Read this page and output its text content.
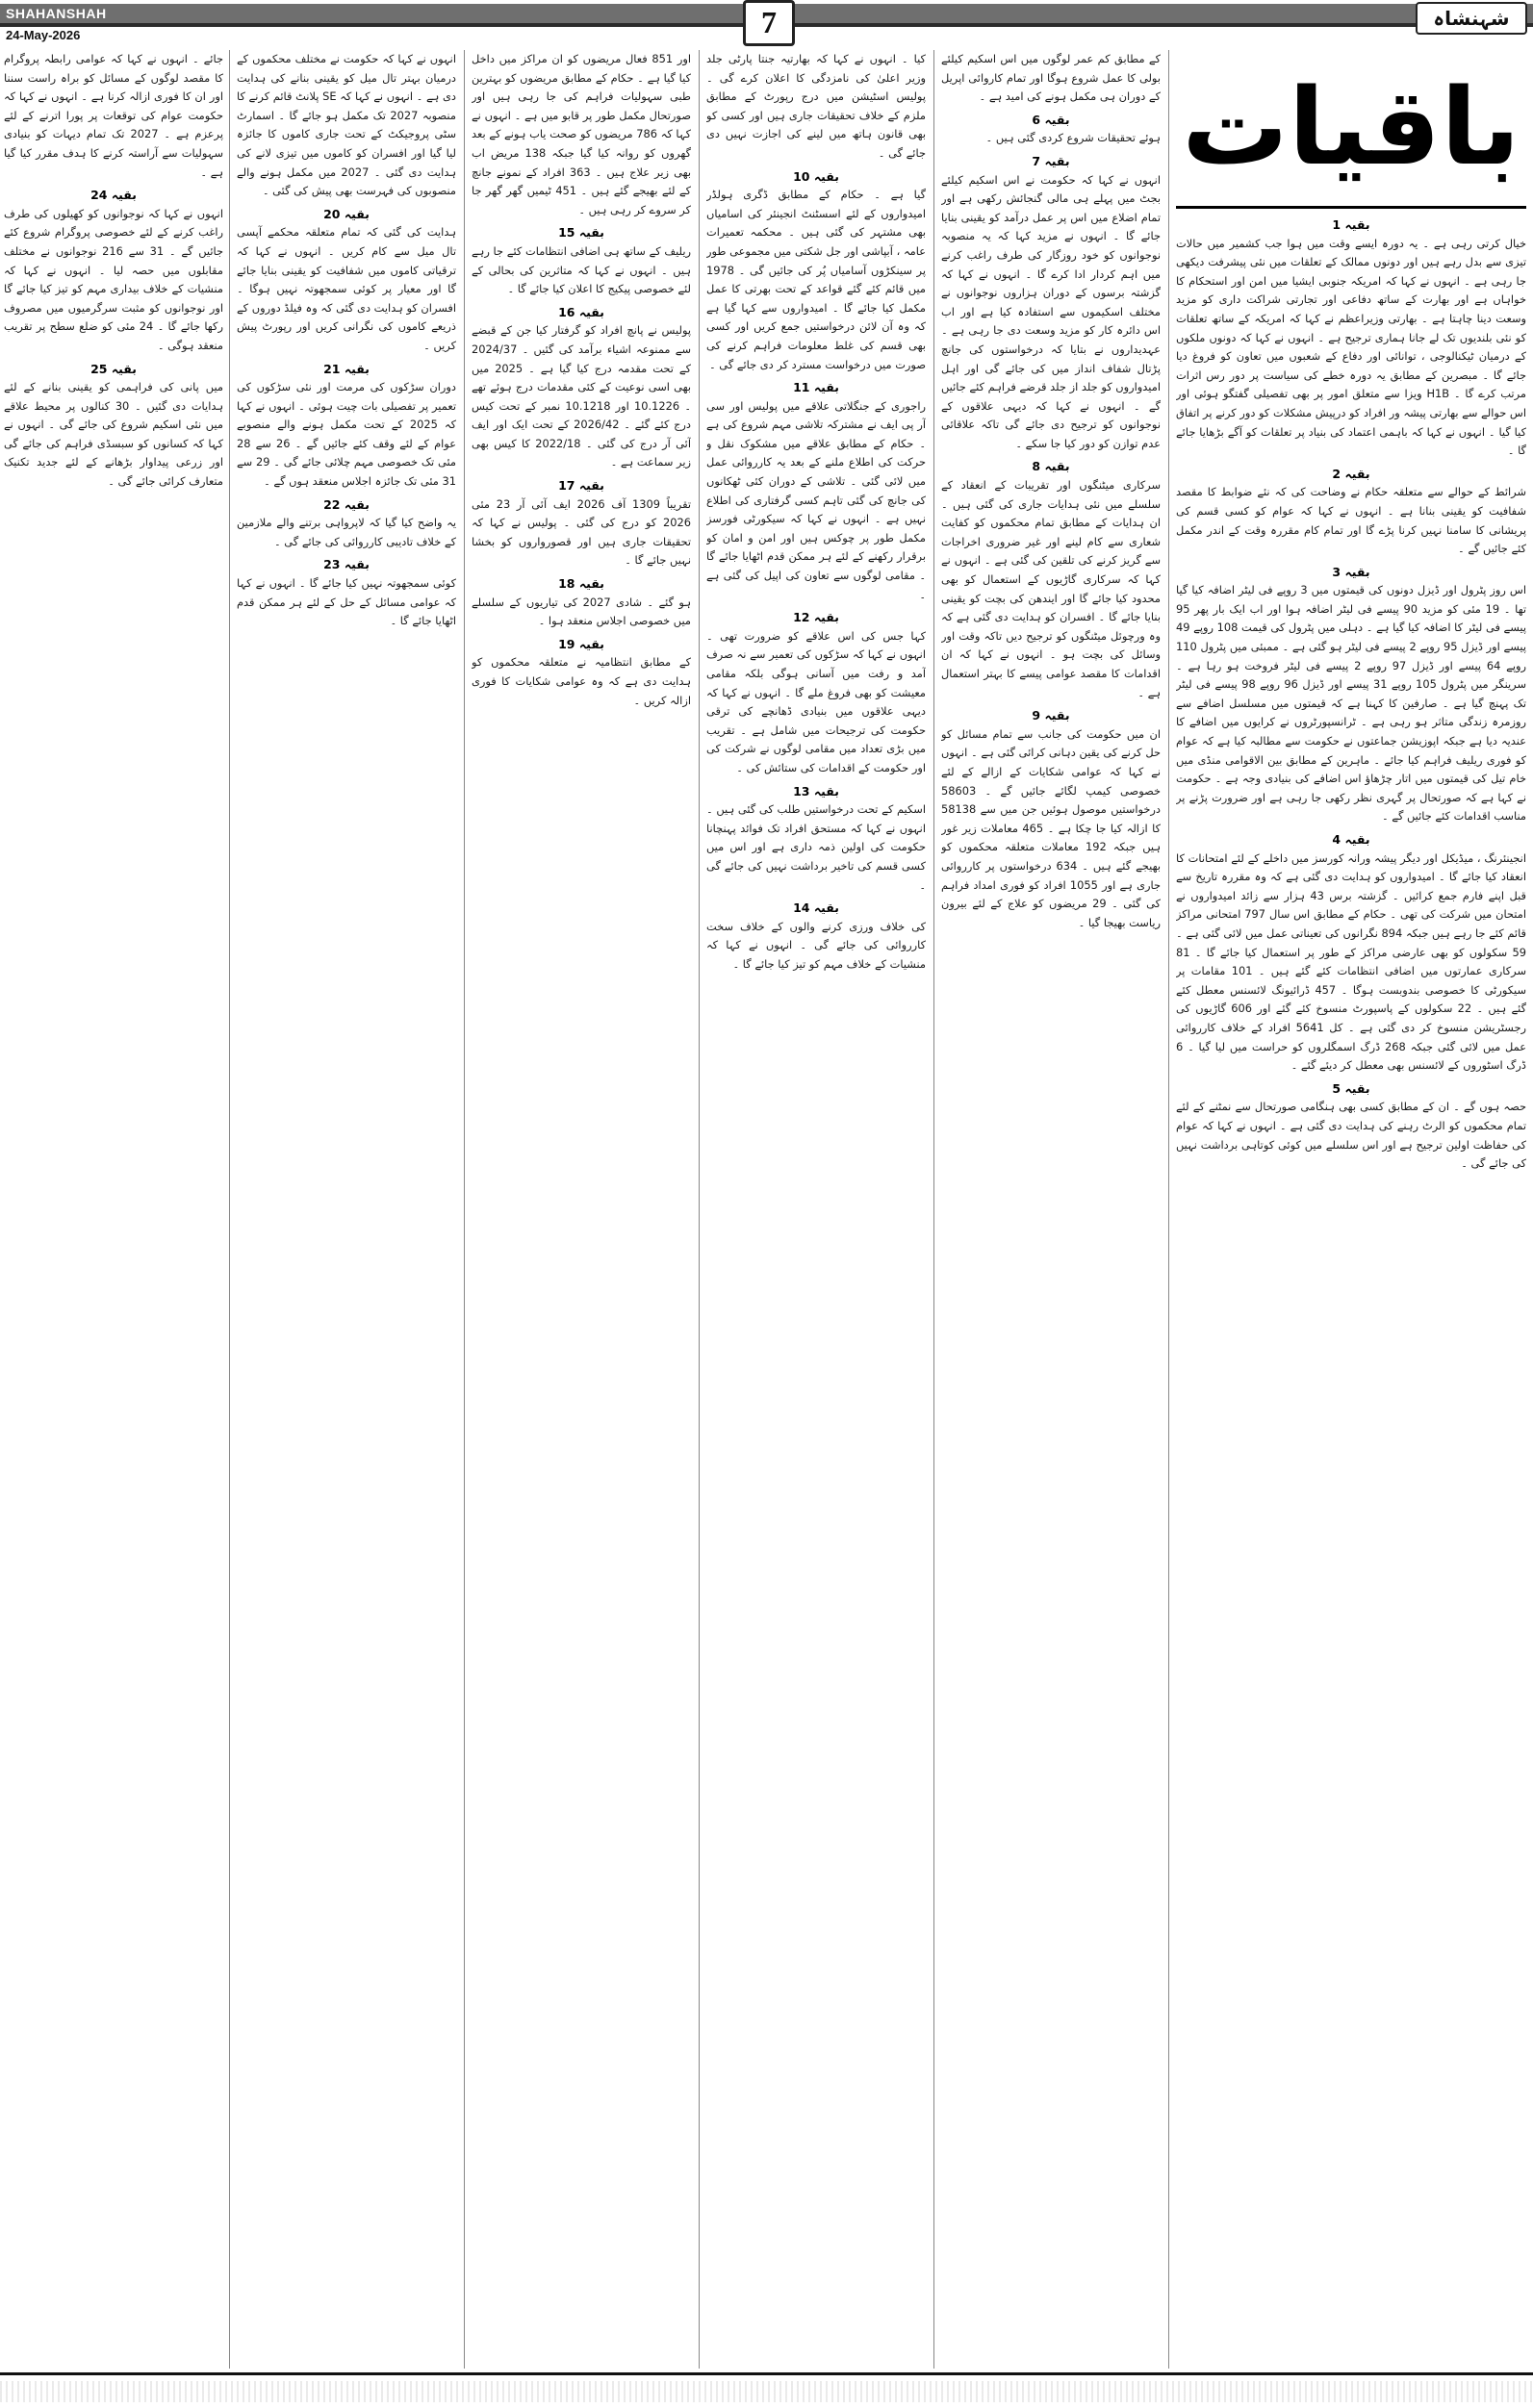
SHAHANSHAH
24-May-2026	7	شہنشاہ
باقیات
بقیہ 1
خیال کرتی رہی ہے ۔ یہ دورہ ایسے وقت میں ہوا جب کشمیر میں حالات تیزی سے بدل رہے ہیں اور دونوں ممالک کے تعلقات میں نئی پیشرفت دیکھی جا رہی ہے ۔ انہوں نے کہا کہ امریکہ جنوبی ایشیا میں امن اور استحکام کا خواہاں ہے اور بھارت کے ساتھ دفاعی اور تجارتی شراکت داری کو مزید وسعت دینا چاہتا ہے ۔ بھارتی وزیراعظم نے کہا کہ امریکہ کے ساتھ تعلقات کو نئی بلندیوں تک لے جانا ہماری ترجیح ہے ۔ انہوں نے کہا کہ دونوں ملکوں کے درمیان ٹیکنالوجی ، توانائی اور دفاع کے شعبوں میں تعاون کو فروغ دیا جائے گا ۔ مبصرین کے مطابق یہ دورہ خطے کی سیاست پر دور رس اثرات مرتب کرے گا ۔ H1B ویزا سے متعلق امور پر بھی تفصیلی گفتگو ہوئی اور اس حوالے سے بھارتی پیشہ ور افراد کو درپیش مشکلات کو دور کرنے پر اتفاق کیا گیا ۔ انہوں نے کہا کہ باہمی اعتماد کی بنیاد پر تعلقات کو آگے بڑھایا جائے گا ۔
بقیہ 2
شرائط کے حوالے سے متعلقہ حکام نے وضاحت کی کہ نئے ضوابط کا مقصد شفافیت کو یقینی بنانا ہے ۔ انہوں نے کہا کہ عوام کو کسی قسم کی پریشانی کا سامنا نہیں کرنا پڑے گا اور تمام کام مقررہ وقت کے اندر مکمل کئے جائیں گے ۔
بقیہ 3
اس روز پٹرول اور ڈیزل دونوں کی قیمتوں میں 3 روپے فی لیٹر اضافہ کیا گیا تھا ۔ 19 مئی کو مزید 90 پیسے فی لیٹر اضافہ ہوا اور اب ایک بار پھر 95 پیسے فی لیٹر کا اضافہ کیا گیا ہے ۔ دہلی میں پٹرول کی قیمت 108 روپے 49 پیسے اور ڈیزل 95 روپے 2 پیسے فی لیٹر ہو گئی ہے ۔ ممبئی میں پٹرول 110 روپے 64 پیسے اور ڈیزل 97 روپے 2 پیسے فی لیٹر فروخت ہو رہا ہے ۔ سرینگر میں پٹرول 105 روپے 31 پیسے اور ڈیزل 96 روپے 98 پیسے فی لیٹر تک پہنچ گیا ہے ۔ صارفین کا کہنا ہے کہ قیمتوں میں مسلسل اضافے سے روزمرہ زندگی متاثر ہو رہی ہے ۔ ٹرانسپورٹروں نے کرایوں میں اضافے کا عندیہ دیا ہے جبکہ اپوزیشن جماعتوں نے حکومت سے مطالبہ کیا ہے کہ عوام کو فوری ریلیف فراہم کیا جائے ۔ ماہرین کے مطابق بین الاقوامی منڈی میں خام تیل کی قیمتوں میں اتار چڑھاؤ اس اضافے کی بنیادی وجہ ہے ۔ حکومت نے کہا ہے کہ صورتحال پر گہری نظر رکھی جا رہی ہے اور ضرورت پڑنے پر مناسب اقدامات کئے جائیں گے ۔
بقیہ 4
انجینئرنگ ، میڈیکل اور دیگر پیشہ ورانہ کورسز میں داخلے کے لئے امتحانات کا انعقاد کیا جائے گا ۔ امیدواروں کو ہدایت دی گئی ہے کہ وہ مقررہ تاریخ سے قبل اپنے فارم جمع کرائیں ۔ گزشتہ برس 43 ہزار سے زائد امیدواروں نے امتحان میں شرکت کی تھی ۔ حکام کے مطابق اس سال 797 امتحانی مراکز قائم کئے جا رہے ہیں جبکہ 894 نگرانوں کی تعیناتی عمل میں لائی گئی ہے ۔ 59 سکولوں کو بھی عارضی مراکز کے طور پر استعمال کیا جائے گا ۔ 81 سرکاری عمارتوں میں اضافی انتظامات کئے گئے ہیں ۔ 101 مقامات پر سیکورٹی کا خصوصی بندوبست ہوگا ۔ 457 ڈرائیونگ لائسنس معطل کئے گئے ہیں ۔ 22 سکولوں کے پاسپورٹ منسوخ کئے گئے اور 606 گاڑیوں کی رجسٹریشن منسوخ کر دی گئی ہے ۔ کل 5641 افراد کے خلاف کارروائی عمل میں لائی گئی جبکہ 268 ڈرگ اسمگلروں کو حراست میں لیا گیا ۔ 6 ڈرگ اسٹوروں کے لائسنس بھی معطل کر دیئے گئے ۔
بقیہ 5
حصہ ہوں گے ۔ ان کے مطابق کسی بھی ہنگامی صورتحال سے نمٹنے کے لئے تمام محکموں کو الرٹ رہنے کی ہدایت دی گئی ہے ۔ انہوں نے کہا کہ عوام کی حفاظت اولین ترجیح ہے اور اس سلسلے میں کوئی کوتاہی برداشت نہیں کی جائے گی ۔
کے مطابق کم عمر لوگوں میں اس اسکیم کیلئے بولی کا عمل شروع ہوگا اور تمام کاروائی اپریل کے دوران ہی مکمل ہونے کی امید ہے ۔
بقیہ 6
ہوئے تحقیقات شروع کردی گئی ہیں ۔
بقیہ 7
انہوں نے کہا کہ حکومت نے اس اسکیم کیلئے بجٹ میں پہلے ہی مالی گنجائش رکھی ہے اور تمام اضلاع میں اس پر عمل درآمد کو یقینی بنایا جائے گا ۔ انہوں نے مزید کہا کہ یہ منصوبہ نوجوانوں کو خود روزگار کی طرف راغب کرنے میں اہم کردار ادا کرے گا ۔ انہوں نے کہا کہ گزشتہ برسوں کے دوران ہزاروں نوجوانوں نے مختلف اسکیموں سے استفادہ کیا ہے اور اب اس دائرہ کار کو مزید وسعت دی جا رہی ہے ۔ عہدیداروں نے بتایا کہ درخواستوں کی جانچ پڑتال شفاف انداز میں کی جائے گی اور اہل امیدواروں کو جلد از جلد قرضے فراہم کئے جائیں گے ۔ انہوں نے کہا کہ دیہی علاقوں کے نوجوانوں کو ترجیح دی جائے گی تاکہ علاقائی عدم توازن کو دور کیا جا سکے ۔
بقیہ 8
سرکاری میٹنگوں اور تقریبات کے انعقاد کے سلسلے میں نئی ہدایات جاری کی گئی ہیں ۔ ان ہدایات کے مطابق تمام محکموں کو کفایت شعاری سے کام لینے اور غیر ضروری اخراجات سے گریز کرنے کی تلقین کی گئی ہے ۔ انہوں نے کہا کہ سرکاری گاڑیوں کے استعمال کو بھی محدود کیا جائے گا اور ایندھن کی بچت کو یقینی بنایا جائے گا ۔ افسران کو ہدایت دی گئی ہے کہ وہ ورچوئل میٹنگوں کو ترجیح دیں تاکہ وقت اور وسائل کی بچت ہو ۔ انہوں نے کہا کہ ان اقدامات کا مقصد عوامی پیسے کا بہتر استعمال ہے ۔
بقیہ 9
ان میں حکومت کی جانب سے تمام مسائل کو حل کرنے کی یقین دہانی کرائی گئی ہے ۔ انہوں نے کہا کہ عوامی شکایات کے ازالے کے لئے خصوصی کیمپ لگائے جائیں گے ۔ 58603 درخواستیں موصول ہوئیں جن میں سے 58138 کا ازالہ کیا جا چکا ہے ۔ 465 معاملات زیر غور ہیں جبکہ 192 معاملات متعلقہ محکموں کو بھیجے گئے ہیں ۔ 634 درخواستوں پر کارروائی جاری ہے اور 1055 افراد کو فوری امداد فراہم کی گئی ۔ 29 مریضوں کو علاج کے لئے بیرون ریاست بھیجا گیا ۔
کیا ۔ انہوں نے کہا کہ بھارتیہ جنتا پارٹی جلد وزیر اعلیٰ کی نامزدگی کا اعلان کرے گی ۔ پولیس اسٹیشن میں درج رپورٹ کے مطابق ملزم کے خلاف تحقیقات جاری ہیں اور کسی کو بھی قانون ہاتھ میں لینے کی اجازت نہیں دی جائے گی ۔
بقیہ 10
گیا ہے ۔ حکام کے مطابق ڈگری ہولڈر امیدواروں کے لئے اسسٹنٹ انجینئر کی اسامیاں بھی مشتہر کی گئی ہیں ۔ محکمہ تعمیرات عامہ ، آبپاشی اور جل شکتی میں مجموعی طور پر سینکڑوں آسامیاں پُر کی جائیں گی ۔ 1978 میں قائم کئے گئے قواعد کے تحت بھرتی کا عمل مکمل کیا جائے گا ۔ امیدواروں سے کہا گیا ہے کہ وہ آن لائن درخواستیں جمع کریں اور کسی بھی قسم کی غلط معلومات فراہم کرنے کی صورت میں درخواست مسترد کر دی جائے گی ۔
بقیہ 11
راجوری کے جنگلاتی علاقے میں پولیس اور سی آر پی ایف نے مشترکہ تلاشی مہم شروع کی ہے ۔ حکام کے مطابق علاقے میں مشکوک نقل و حرکت کی اطلاع ملنے کے بعد یہ کارروائی عمل میں لائی گئی ۔ تلاشی کے دوران کئی ٹھکانوں کی جانچ کی گئی تاہم کسی گرفتاری کی اطلاع نہیں ہے ۔ انہوں نے کہا کہ سیکورٹی فورسز مکمل طور پر چوکس ہیں اور امن و امان کو برقرار رکھنے کے لئے ہر ممکن قدم اٹھایا جائے گا ۔ مقامی لوگوں سے تعاون کی اپیل کی گئی ہے ۔
بقیہ 12
کہا جس کی اس علاقے کو ضرورت تھی ۔ انہوں نے کہا کہ سڑکوں کی تعمیر سے نہ صرف آمد و رفت میں آسانی ہوگی بلکہ مقامی معیشت کو بھی فروغ ملے گا ۔ انہوں نے کہا کہ دیہی علاقوں میں بنیادی ڈھانچے کی ترقی حکومت کی ترجیحات میں شامل ہے ۔ تقریب میں بڑی تعداد میں مقامی لوگوں نے شرکت کی اور حکومت کے اقدامات کی ستائش کی ۔
بقیہ 13
اسکیم کے تحت درخواستیں طلب کی گئی ہیں ۔ انہوں نے کہا کہ مستحق افراد تک فوائد پہنچانا حکومت کی اولین ذمہ داری ہے اور اس میں کسی قسم کی تاخیر برداشت نہیں کی جائے گی ۔
بقیہ 14
کی خلاف ورزی کرنے والوں کے خلاف سخت کارروائی کی جائے گی ۔ انہوں نے کہا کہ منشیات کے خلاف مہم کو تیز کیا جائے گا ۔
اور 851 فعال مریضوں کو ان مراکز میں داخل کیا گیا ہے ۔ حکام کے مطابق مریضوں کو بہترین طبی سہولیات فراہم کی جا رہی ہیں اور صورتحال مکمل طور پر قابو میں ہے ۔ انہوں نے کہا کہ 786 مریضوں کو صحت یاب ہونے کے بعد گھروں کو روانہ کیا گیا جبکہ 138 مریض اب بھی زیر علاج ہیں ۔ 363 افراد کے نمونے جانچ کے لئے بھیجے گئے ہیں ۔ 451 ٹیمیں گھر گھر جا کر سروے کر رہی ہیں ۔
بقیہ 15
ریلیف کے ساتھ ہی اضافی انتظامات کئے جا رہے ہیں ۔ انہوں نے کہا کہ متاثرین کی بحالی کے لئے خصوصی پیکیج کا اعلان کیا جائے گا ۔
بقیہ 16
پولیس نے پانچ افراد کو گرفتار کیا جن کے قبضے سے ممنوعہ اشیاء برآمد کی گئیں ۔ 2024/37 کے تحت مقدمہ درج کیا گیا ہے ۔ 2025 میں بھی اسی نوعیت کے کئی مقدمات درج ہوئے تھے ۔ 10.1226 اور 10.1218 نمبر کے تحت کیس درج کئے گئے ۔ 2026/42 کے تحت ایک اور ایف آئی آر درج کی گئی ۔ 2022/18 کا کیس بھی زیر سماعت ہے ۔
بقیہ 17
تقریباً 1309 آف 2026 ایف آئی آر 23 مئی 2026 کو درج کی گئی ۔ پولیس نے کہا کہ تحقیقات جاری ہیں اور قصورواروں کو بخشا نہیں جائے گا ۔
بقیہ 18
ہو گئے ۔ شادی 2027 کی تیاریوں کے سلسلے میں خصوصی اجلاس منعقد ہوا ۔
بقیہ 19
کے مطابق انتظامیہ نے متعلقہ محکموں کو ہدایت دی ہے کہ وہ عوامی شکایات کا فوری ازالہ کریں ۔
انہوں نے کہا کہ حکومت نے مختلف محکموں کے درمیان بہتر تال میل کو یقینی بنانے کی ہدایت دی ہے ۔ انہوں نے کہا کہ SE پلانٹ قائم کرنے کا منصوبہ 2027 تک مکمل ہو جائے گا ۔ اسمارٹ سٹی پروجیکٹ کے تحت جاری کاموں کا جائزہ لیا گیا اور افسران کو کاموں میں تیزی لانے کی ہدایت دی گئی ۔ 2027 میں مکمل ہونے والے منصوبوں کی فہرست بھی پیش کی گئی ۔
بقیہ 20
ہدایت کی گئی کہ تمام متعلقہ محکمے آپسی تال میل سے کام کریں ۔ انہوں نے کہا کہ ترقیاتی کاموں میں شفافیت کو یقینی بنایا جائے گا اور معیار پر کوئی سمجھوتہ نہیں ہوگا ۔ افسران کو ہدایت دی گئی کہ وہ فیلڈ دوروں کے ذریعے کاموں کی نگرانی کریں اور رپورٹ پیش کریں ۔
بقیہ 21
دوران سڑکوں کی مرمت اور نئی سڑکوں کی تعمیر پر تفصیلی بات چیت ہوئی ۔ انہوں نے کہا کہ 2025 کے تحت مکمل ہونے والے منصوبے عوام کے لئے وقف کئے جائیں گے ۔ 26 سے 28 مئی تک خصوصی مہم چلائی جائے گی ۔ 29 سے 31 مئی تک جائزہ اجلاس منعقد ہوں گے ۔
بقیہ 22
یہ واضح کیا گیا کہ لاپرواہی برتنے والے ملازمین کے خلاف تادیبی کارروائی کی جائے گی ۔
بقیہ 23
کوئی سمجھوتہ نہیں کیا جائے گا ۔ انہوں نے کہا کہ عوامی مسائل کے حل کے لئے ہر ممکن قدم اٹھایا جائے گا ۔
جائے ۔ انہوں نے کہا کہ عوامی رابطہ پروگرام کا مقصد لوگوں کے مسائل کو براہ راست سننا اور ان کا فوری ازالہ کرنا ہے ۔ انہوں نے کہا کہ حکومت عوام کی توقعات پر پورا اترنے کے لئے پرعزم ہے ۔ 2027 تک تمام دیہات کو بنیادی سہولیات سے آراستہ کرنے کا ہدف مقرر کیا گیا ہے ۔
بقیہ 24
انہوں نے کہا کہ نوجوانوں کو کھیلوں کی طرف راغب کرنے کے لئے خصوصی پروگرام شروع کئے جائیں گے ۔ 31 سے 216 نوجوانوں نے مختلف مقابلوں میں حصہ لیا ۔ انہوں نے کہا کہ منشیات کے خلاف بیداری مہم کو تیز کیا جائے گا اور نوجوانوں کو مثبت سرگرمیوں میں مصروف رکھا جائے گا ۔ 24 مئی کو ضلع سطح پر تقریب منعقد ہوگی ۔
بقیہ 25
میں پانی کی فراہمی کو یقینی بنانے کے لئے ہدایات دی گئیں ۔ 30 کنالوں پر محیط علاقے میں نئی اسکیم شروع کی جائے گی ۔ انہوں نے کہا کہ کسانوں کو سبسڈی فراہم کی جائے گی اور زرعی پیداوار بڑھانے کے لئے جدید تکنیک متعارف کرائی جائے گی ۔
